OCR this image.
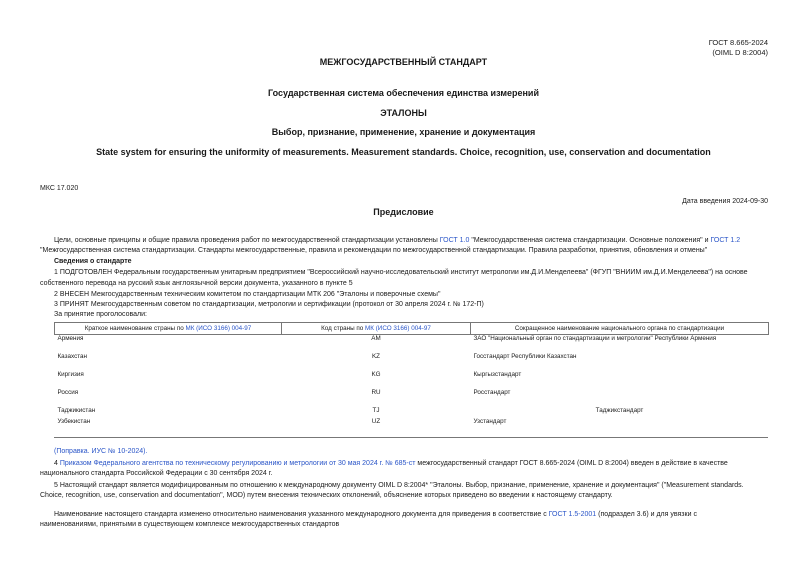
ГОСТ 8.665-2024
(OIML D 8:2004)
МЕЖГОСУДАРСТВЕННЫЙ СТАНДАРТ
Государственная система обеспечения единства измерений
ЭТАЛОНЫ
Выбор, признание, применение, хранение и документация
State system for ensuring the uniformity of measurements. Measurement standards. Choice, recognition, use, conservation and documentation
МКС 17.020
Дата введения 2024-09-30
Предисловие
Цели, основные принципы и общие правила проведения работ по межгосударственной стандартизации установлены ГОСТ 1.0 "Межгосударственная система стандартизации. Основные положения" и ГОСТ 1.2
"Межгосударственная система стандартизации. Стандарты межгосударственные, правила и рекомендации по межгосударственной стандартизации. Правила разработки, принятия, обновления и отмены"
Сведения о стандарте
1 ПОДГОТОВЛЕН Федеральным государственным унитарным предприятием "Всероссийский научно-исследовательский институт метрологии им.Д.И.Менделеева" (ФГУП "ВНИИМ им.Д.И.Менделеева") на основе
собственного перевода на русский язык англоязычной версии документа, указанного в пункте 5
2 ВНЕСЕН Межгосударственным техническим комитетом по стандартизации МТК 206 "Эталоны и поверочные схемы"
3 ПРИНЯТ Межгосударственным советом по стандартизации, метрологии и сертификации (протокол от 30 апреля 2024 г. № 172-П)
За принятие проголосовали:
Краткое наименование страны по МК (ИСО 3166) 004-97	Код страны по МК (ИСО 3166) 004-97	Сокращенное наименование национального органа по стандартизации
Армения	AM	ЗАО "Национальный орган по стандартизации и метрологии" Республики Армения
Казахстан	KZ	Госстандарт Республики Казахстан
Киргизия	KG	Кыргызстандарт
Россия	RU	Росстандарт
Таджикистан	TJ	Таджикстандарт
Узбекистан	UZ	Узстандарт
(Поправка. ИУС № 10-2024).
4 Приказом Федерального агентства по техническому регулированию и метрологии от 30 мая 2024 г. № 685-ст межгосударственный стандарт ГОСТ 8.665-2024 (OIML D 8:2004) введен в действие в качестве
национального стандарта Российской Федерации с 30 сентября 2024 г.
5 Настоящий стандарт является модифицированным по отношению к международному документу OIML D 8:2004* "Эталоны. Выбор, признание, применение, хранение и документация" ("Measurement standards.
Choice, recognition, use, conservation and documentation", MOD) путем внесения технических отклонений, объяснение которых приведено во введении к настоящему стандарту.
Наименование настоящего стандарта изменено относительно наименования указанного международного документа для приведения в соответствие с ГОСТ 1.5-2001 (подраздел 3.6) и для увязки с
наименованиями, принятыми в существующем комплексе межгосударственных стандартов
